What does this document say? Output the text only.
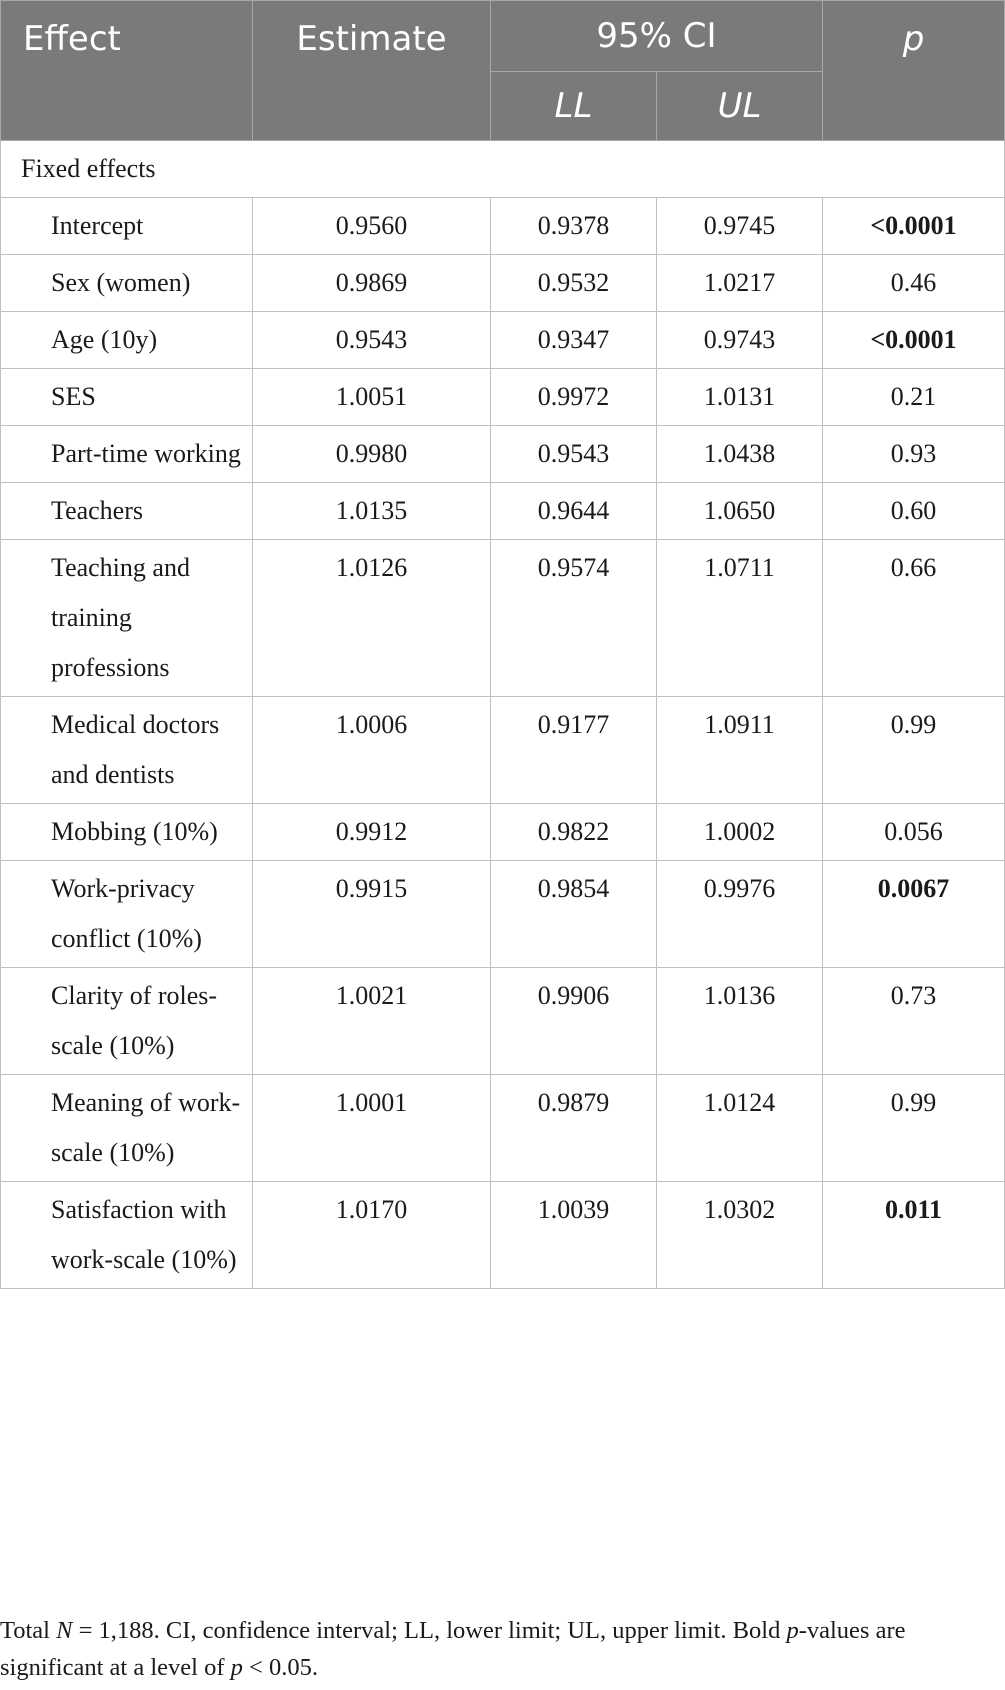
Effect	Estimate	95% CI		p
		LL	UL	
Fixed effects				
Intercept	0.9560	0.9378	0.9745	<0.0001
Sex (women)	0.9869	0.9532	1.0217	0.46
Age (10y)	0.9543	0.9347	0.9743	<0.0001
SES	1.0051	0.9972	1.0131	0.21
Part-time working	0.9980	0.9543	1.0438	0.93
Teachers	1.0135	0.9644	1.0650	0.60
Teaching and training professions	1.0126	0.9574	1.0711	0.66
Medical doctors and dentists	1.0006	0.9177	1.0911	0.99
Mobbing (10%)	0.9912	0.9822	1.0002	0.056
Work-privacy conflict (10%)	0.9915	0.9854	0.9976	0.0067
Clarity of roles-scale (10%)	1.0021	0.9906	1.0136	0.73
Meaning of work-scale (10%)	1.0001	0.9879	1.0124	0.99
Satisfaction with work-scale (10%)	1.0170	1.0039	1.0302	0.011
Total N = 1,188. CI, confidence interval; LL, lower limit; UL, upper limit. Bold p-values are significant at a level of p < 0.05.
